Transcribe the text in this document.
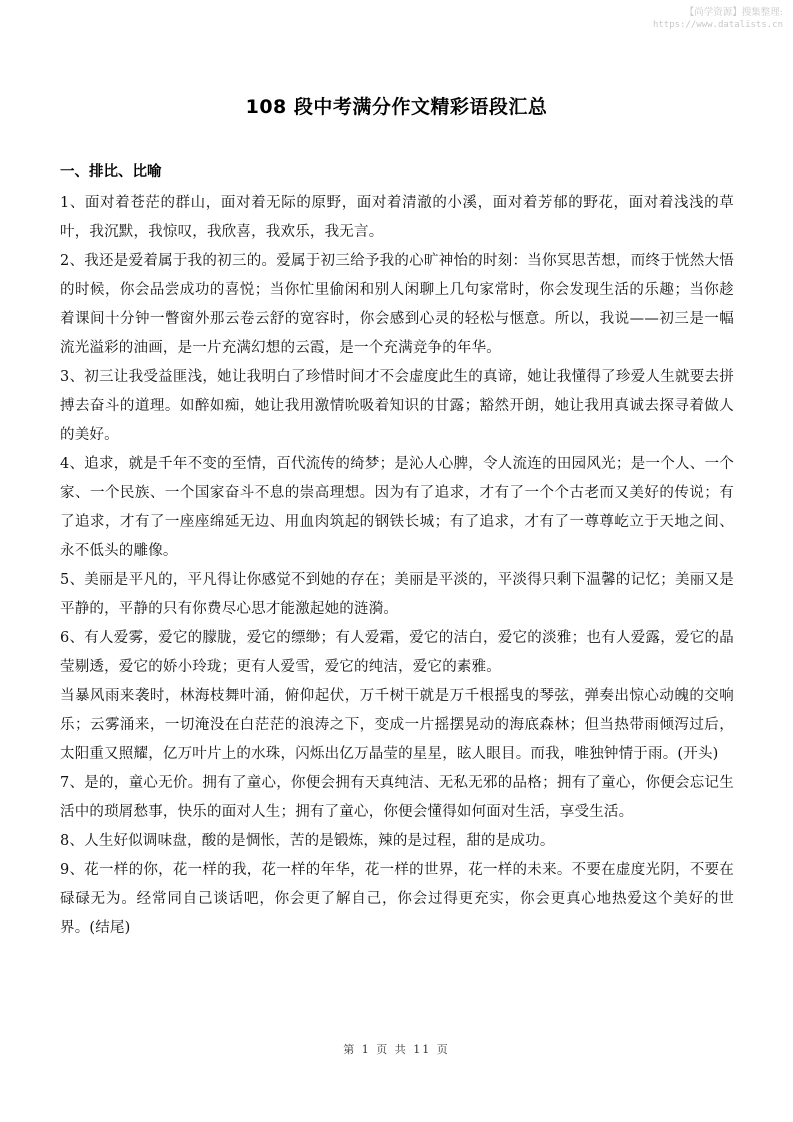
【尚学资源】搜集整理:
https://www.datalists.cn
108 段中考满分作文精彩语段汇总
一、排比、比喻

1、面对着苍茫的群山，面对着无际的原野，面对着清澈的小溪，面对着芳郁的野花，面对着浅浅的草叶，我沉默，我惊叹，我欣喜，我欢乐，我无言。

2、我还是爱着属于我的初三的。爱属于初三给予我的心旷神怡的时刻：当你冥思苦想，而终于恍然大悟的时候，你会品尝成功的喜悦；当你忙里偷闲和别人闲聊上几句家常时，你会发现生活的乐趣；当你趁着课间十分钟一瞥窗外那云卷云舒的宽容时，你会感到心灵的轻松与惬意。所以，我说——初三是一幅流光溢彩的油画，是一片充满幻想的云霞，是一个充满竞争的年华。

3、初三让我受益匪浅，她让我明白了珍惜时间才不会虚度此生的真谛，她让我懂得了珍爱人生就要去拼搏去奋斗的道理。如醉如痴，她让我用激情吮吸着知识的甘露；豁然开朗，她让我用真诚去探寻着做人的美好。

4、追求，就是千年不变的至情，百代流传的绮梦；是沁人心脾，令人流连的田园风光；是一个人、一个家、一个民族、一个国家奋斗不息的崇高理想。因为有了追求，才有了一个个古老而又美好的传说；有了追求，才有了一座座绵延无边、用血肉筑起的钢铁长城；有了追求，才有了一尊尊屹立于天地之间、永不低头的雕像。

5、美丽是平凡的，平凡得让你感觉不到她的存在；美丽是平淡的，平淡得只剩下温馨的记忆；美丽又是平静的，平静的只有你费尽心思才能激起她的涟漪。

6、有人爱雾，爱它的朦胧，爱它的缥缈；有人爱霜，爱它的洁白，爱它的淡雅；也有人爱露，爱它的晶莹剔透，爱它的娇小玲珑；更有人爱雪，爱它的纯洁，爱它的素雅。

当暴风雨来袭时，林海枝舞叶涌，俯仰起伏，万千树干就是万千根摇曳的琴弦，弹奏出惊心动魄的交响乐；云雾涌来，一切淹没在白茫茫的浪涛之下，变成一片摇摆晃动的海底森林；但当热带雨倾泻过后，太阳重又照耀，亿万叶片上的水珠，闪烁出亿万晶莹的星星，眩人眼目。而我，唯独钟情于雨。(开头)

7、是的，童心无价。拥有了童心，你便会拥有天真纯洁、无私无邪的品格；拥有了童心，你便会忘记生活中的琐屑愁事，快乐的面对人生；拥有了童心，你便会懂得如何面对生活，享受生活。

8、人生好似调味盘，酸的是惆怅，苦的是锻炼，辣的是过程，甜的是成功。

9、花一样的你，花一样的我，花一样的年华，花一样的世界，花一样的未来。不要在虚度光阴，不要在碌碌无为。经常同自己谈话吧，你会更了解自己，你会过得更充实，你会更真心地热爱这个美好的世界。(结尾)

第 1 页 共 11 页
